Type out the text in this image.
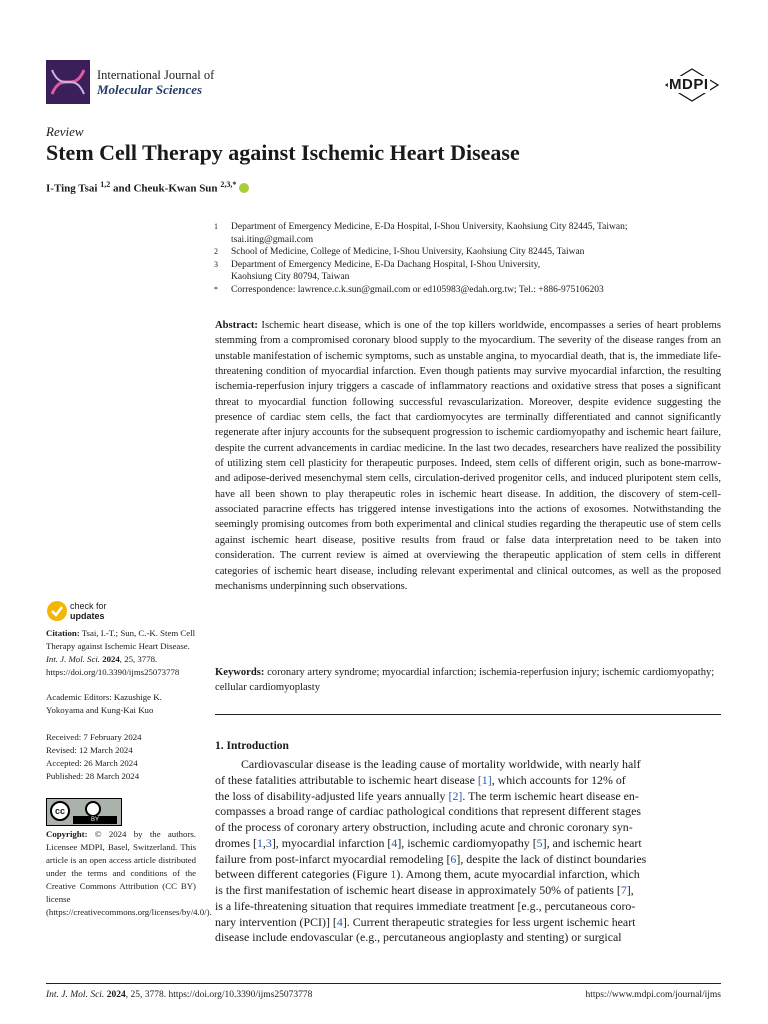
International Journal of
Molecular Sciences	MDPI
Review
Stem Cell Therapy against Ischemic Heart Disease
I-Ting Tsai $^{1,2}$ and Cheuk-Kwan Sun $^{2,3,*}$
1	Department of Emergency Medicine, E-Da Hospital, I-Shou University, Kaohsiung City 82445, Taiwan;
tsai.iting@gmail.com
2	School of Medicine, College of Medicine, I-Shou University, Kaohsiung City 82445, Taiwan
3	Department of Emergency Medicine, E-Da Dachang Hospital, I-Shou University,
Kaohsiung City 80794, Taiwan
*	Correspondence: lawrence.c.k.sun@gmail.com or ed105983@edah.org.tw; Tel.: +886-975106203
Abstract: Ischemic heart disease, which is one of the top killers worldwide, encompasses a series of heart problems stemming from a compromised coronary blood supply to the myocardium. The severity of the disease ranges from an unstable manifestation of ischemic symptoms, such as unstable angina, to myocardial death, that is, the immediate life-threatening condition of myocardial infarction. Even though patients may survive myocardial infarction, the resulting ischemia-reperfusion injury triggers a cascade of inflammatory reactions and oxidative stress that poses a significant threat to myocardial function following successful revascularization. Moreover, despite evidence suggesting the presence of cardiac stem cells, the fact that cardiomyocytes are terminally differentiated and cannot significantly regenerate after injury accounts for the subsequent progression to ischemic cardiomyopathy and ischemic heart failure, despite the current advancements in cardiac medicine. In the last two decades, researchers have realized the possibility of utilizing stem cell plasticity for therapeutic purposes. Indeed, stem cells of different origin, such as bone-marrow- and adipose-derived mesenchymal stem cells, circulation-derived progenitor cells, and induced pluripotent stem cells, have all been shown to play therapeutic roles in ischemic heart disease. In addition, the discovery of stem-cell-associated paracrine effects has triggered intense investigations into the actions of exosomes. Notwithstanding the seemingly promising outcomes from both experimental and clinical studies regarding the therapeutic use of stem cells against ischemic heart disease, positive results from fraud or false data interpretation need to be taken into consideration. The current review is aimed at overviewing the therapeutic application of stem cells in different categories of ischemic heart disease, including relevant experimental and clinical outcomes, as well as the proposed mechanisms underpinning such observations.
Keywords: coronary artery syndrome; myocardial infarction; ischemia-reperfusion injury; ischemic cardiomyopathy; cellular cardiomyoplasty
check for
updates

Citation: Tsai, I.-T.; Sun, C.-K. Stem Cell Therapy against Ischemic Heart Disease. Int. J. Mol. Sci. 2024, 25, 3778. https://doi.org/10.3390/ijms25073778

Academic Editors: Kazushige K. Yokoyama and Kung-Kai Kuo

Received: 7 February 2024

Revised: 12 March 2024

Accepted: 26 March 2024

Published: 28 March 2024

cc
BY

Copyright: © 2024 by the authors. Licensee MDPI, Basel, Switzerland. This article is an open access article distributed under the terms and conditions of the Creative Commons Attribution (CC BY) license (https://creativecommons.org/licenses/by/4.0/).

1. Introduction
Cardiovascular disease is the leading cause of mortality worldwide, with nearly half
of these fatalities attributable to ischemic heart disease [1], which accounts for 12% of
the loss of disability-adjusted life years annually [2]. The term ischemic heart disease en-
compasses a broad range of cardiac pathological conditions that represent different stages
of the process of coronary artery obstruction, including acute and chronic coronary syn-
dromes [1,3], myocardial infarction [4], ischemic cardiomyopathy [5], and ischemic heart
failure from post-infarct myocardial remodeling [6], despite the lack of distinct boundaries
between different categories (Figure 1). Among them, acute myocardial infarction, which
is the first manifestation of ischemic heart disease in approximately 50% of patients [7],
is a life-threatening situation that requires immediate treatment [e.g., percutaneous coro-
nary intervention (PCI)] [4]. Current therapeutic strategies for less urgent ischemic heart
disease include endovascular (e.g., percutaneous angioplasty and stenting) or surgical
Int. J. Mol. Sci. 2024, 25, 3778. https://doi.org/10.3390/ijms25073778	https://www.mdpi.com/journal/ijms
